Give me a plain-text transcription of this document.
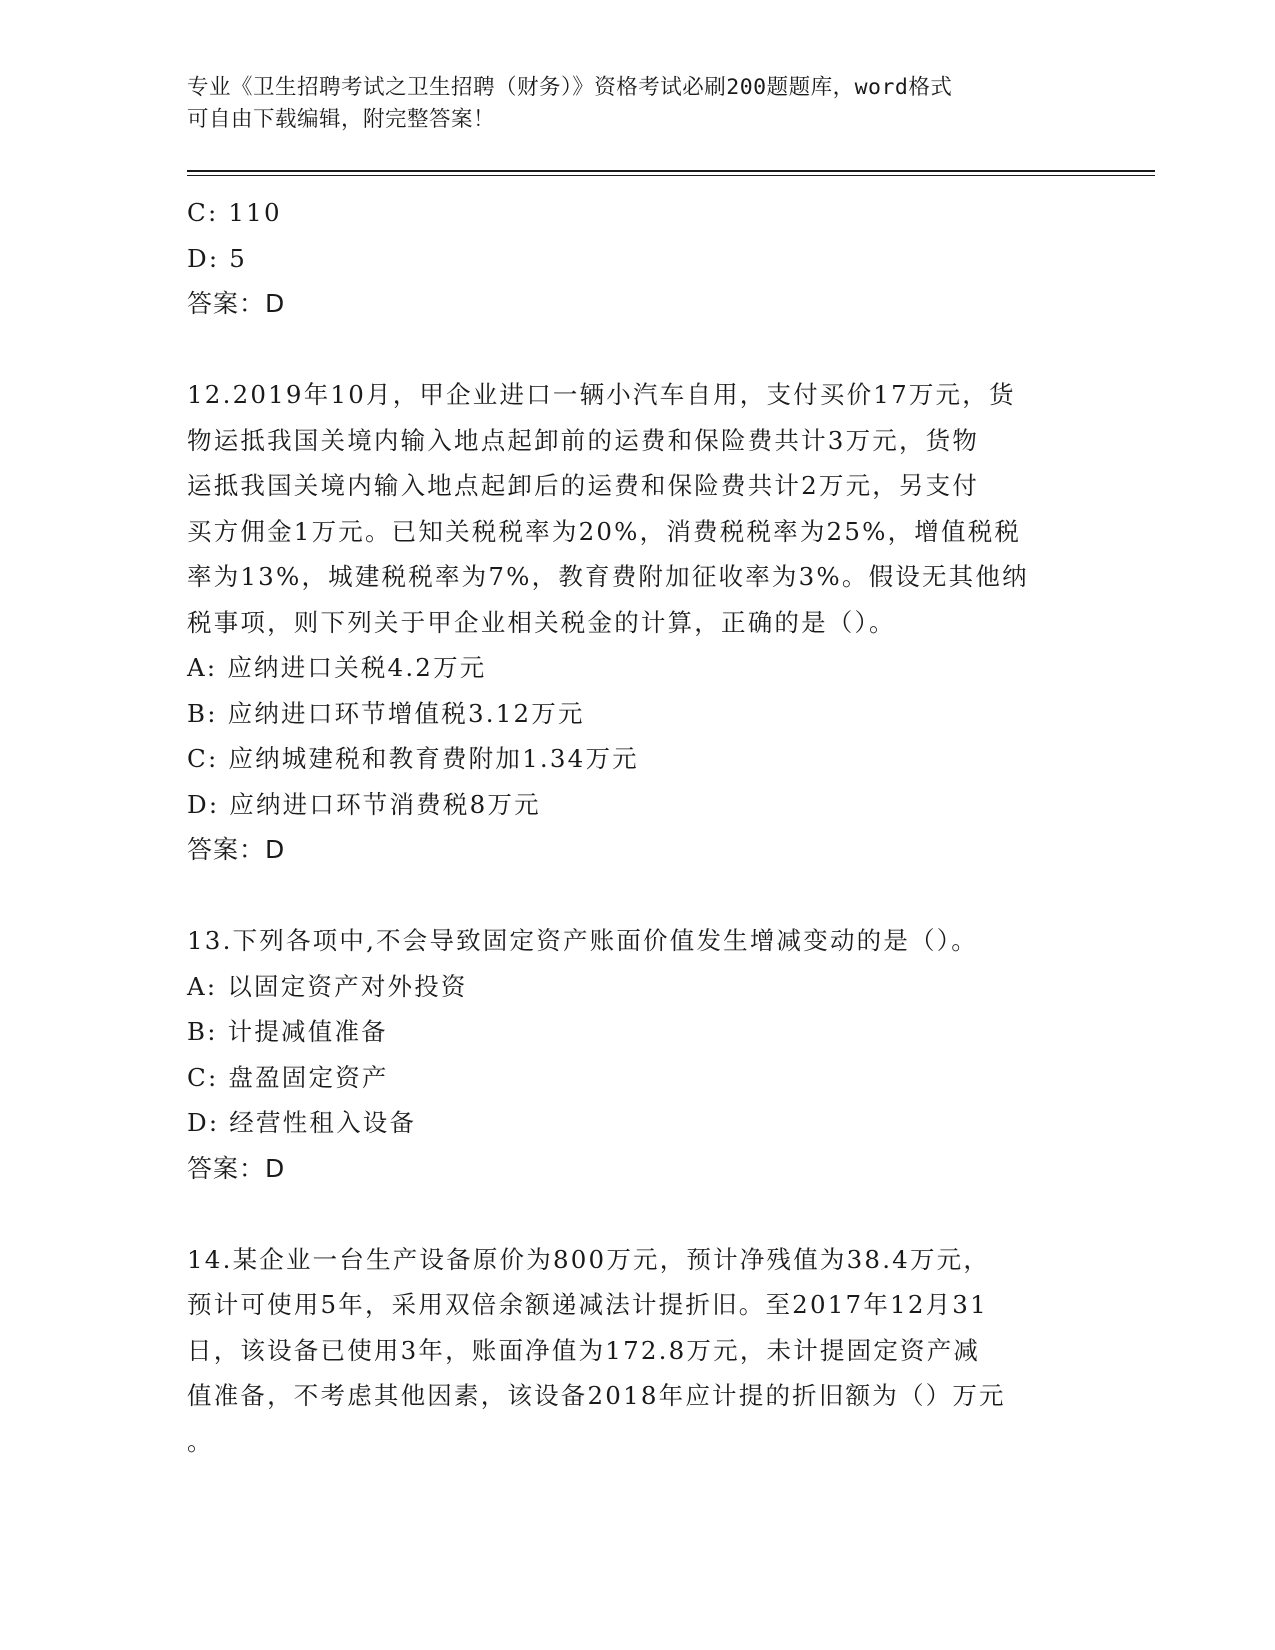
专业《卫生招聘考试之卫生招聘（财务）》资格考试必刷200题题库，word格式
可自由下载编辑，附完整答案！
C: 110
D: 5
答案：D
12.2019年10月，甲企业进口一辆小汽车自用，支付买价17万元，货
物运抵我国关境内输入地点起卸前的运费和保险费共计3万元，货物
运抵我国关境内输入地点起卸后的运费和保险费共计2万元，另支付
买方佣金1万元。已知关税税率为20%，消费税税率为25%，增值税税
率为13%，城建税税率为7%，教育费附加征收率为3%。假设无其他纳
税事项，则下列关于甲企业相关税金的计算，正确的是（）。
A: 应纳进口关税4.2万元
B: 应纳进口环节增值税3.12万元
C: 应纳城建税和教育费附加1.34万元
D: 应纳进口环节消费税8万元
答案：D
13.下列各项中,不会导致固定资产账面价值发生增减变动的是（）。
A: 以固定资产对外投资
B: 计提减值准备
C: 盘盈固定资产
D: 经营性租入设备
答案：D
14.某企业一台生产设备原价为800万元，预计净残值为38.4万元，
预计可使用5年，采用双倍余额递减法计提折旧。至2017年12月31
日，该设备已使用3年，账面净值为172.8万元，未计提固定资产减
值准备，不考虑其他因素，该设备2018年应计提的折旧额为（）万元
。
